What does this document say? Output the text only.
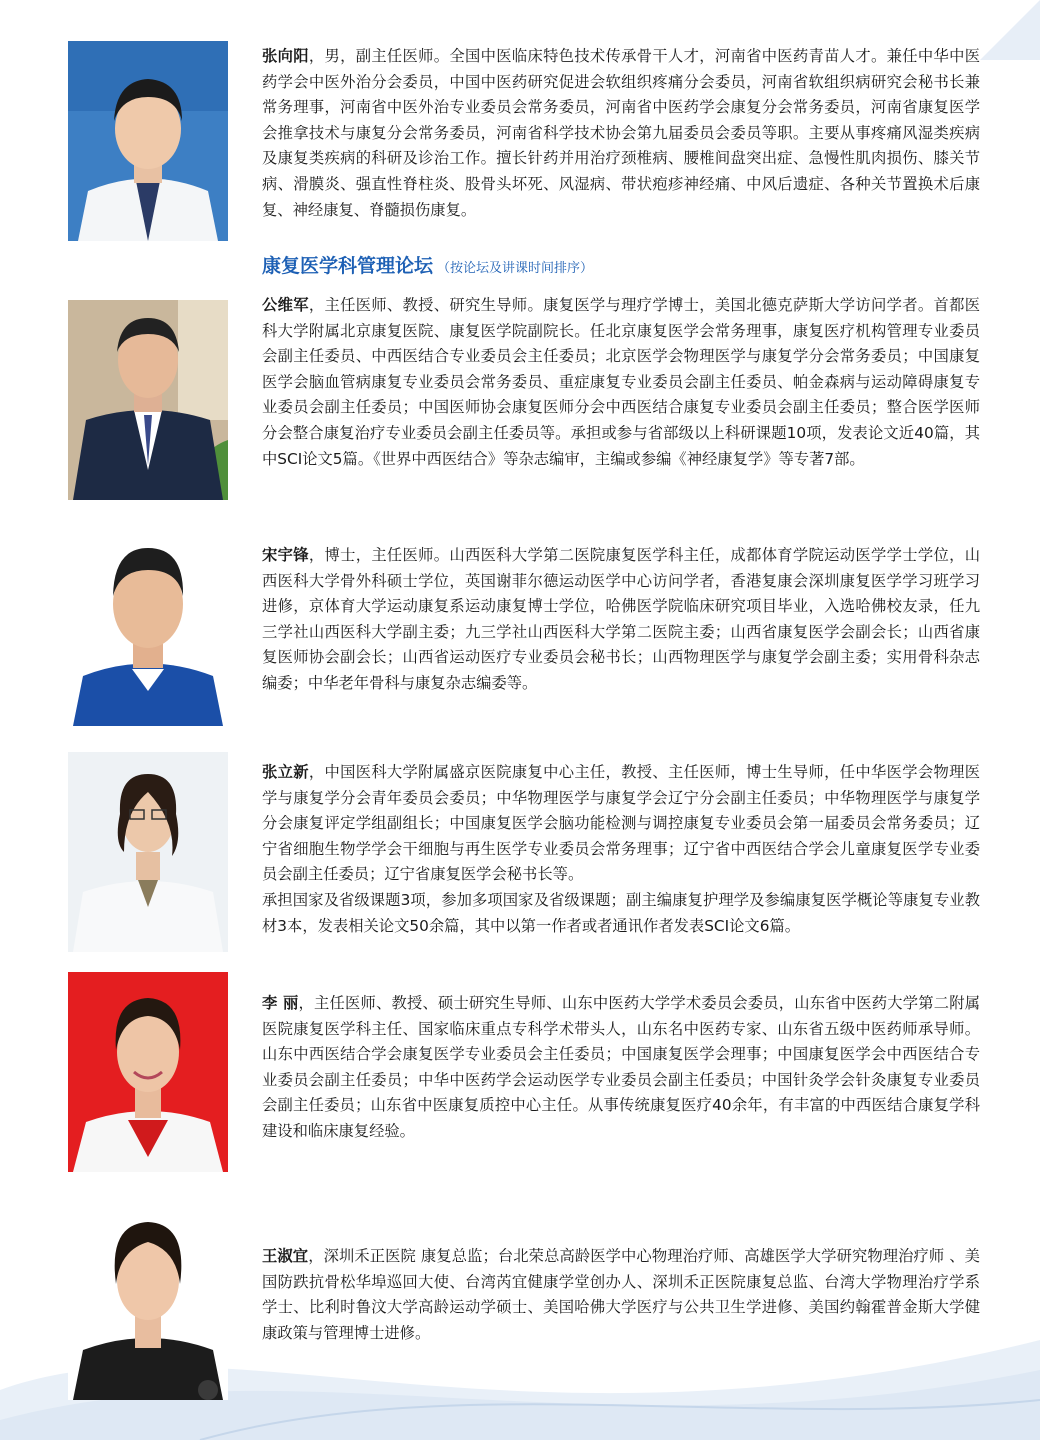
张向阳，男，副主任医师。全国中医临床特色技术传承骨干人才，河南省中医药青苗人才。兼任中华中医药学会中医外治分会委员，中国中医药研究促进会软组织疼痛分会委员，河南省软组织病研究会秘书长兼常务理事，河南省中医外治专业委员会常务委员，河南省中医药学会康复分会常务委员，河南省康复医学会推拿技术与康复分会常务委员，河南省科学技术协会第九届委员会委员等职。主要从事疼痛风湿类疾病及康复类疾病的科研及诊治工作。擅长针药并用治疗颈椎病、腰椎间盘突出症、急慢性肌肉损伤、膝关节病、滑膜炎、强直性脊柱炎、股骨头坏死、风湿病、带状疱疹神经痛、中风后遗症、各种关节置换术后康复、神经康复、脊髓损伤康复。

康复医学科管理论坛 （按论坛及讲课时间排序）

公维军，主任医师、教授、研究生导师。康复医学与理疗学博士，美国北德克萨斯大学访问学者。首都医科大学附属北京康复医院、康复医学院副院长。任北京康复医学会常务理事，康复医疗机构管理专业委员会副主任委员、中西医结合专业委员会主任委员；北京医学会物理医学与康复学分会常务委员；中国康复医学会脑血管病康复专业委员会常务委员、重症康复专业委员会副主任委员、帕金森病与运动障碍康复专业委员会副主任委员；中国医师协会康复医师分会中西医结合康复专业委员会副主任委员；整合医学医师分会整合康复治疗专业委员会副主任委员等。承担或参与省部级以上科研课题10项，发表论文近40篇，其中SCI论文5篇。《世界中西医结合》等杂志编审，主编或参编《神经康复学》等专著7部。

宋宇锋，博士，主任医师。山西医科大学第二医院康复医学科主任，成都体育学院运动医学学士学位，山西医科大学骨外科硕士学位，英国谢菲尔德运动医学中心访问学者，香港复康会深圳康复医学学习班学习进修，京体育大学运动康复系运动康复博士学位，哈佛医学院临床研究项目毕业，入选哈佛校友录，任九三学社山西医科大学副主委；九三学社山西医科大学第二医院主委；山西省康复医学会副会长；山西省康复医师协会副会长；山西省运动医疗专业委员会秘书长；山西物理医学与康复学会副主委；实用骨科杂志编委；中华老年骨科与康复杂志编委等。

张立新，中国医科大学附属盛京医院康复中心主任，教授、主任医师，博士生导师，任中华医学会物理医学与康复学分会青年委员会委员；中华物理医学与康复学会辽宁分会副主任委员；中华物理医学与康复学分会康复评定学组副组长；中国康复医学会脑功能检测与调控康复专业委员会第一届委员会常务委员；辽宁省细胞生物学学会干细胞与再生医学专业委员会常务理事；辽宁省中西医结合学会儿童康复医学专业委员会副主任委员；辽宁省康复医学会秘书长等。

承担国家及省级课题3项，参加多项国家及省级课题；副主编康复护理学及参编康复医学概论等康复专业教材3本，发表相关论文50余篇，其中以第一作者或者通讯作者发表SCI论文6篇。

李 丽，主任医师、教授、硕士研究生导师、山东中医药大学学术委员会委员，山东省中医药大学第二附属医院康复医学科主任、国家临床重点专科学术带头人，山东名中医药专家、山东省五级中医药师承导师。山东中西医结合学会康复医学专业委员会主任委员；中国康复医学会理事；中国康复医学会中西医结合专业委员会副主任委员；中华中医药学会运动医学专业委员会副主任委员；中国针灸学会针灸康复专业委员会副主任委员；山东省中医康复质控中心主任。从事传统康复医疗40余年，有丰富的中西医结合康复学科建设和临床康复经验。

王淑宜，深圳禾正医院 康复总监；台北荣总高龄医学中心物理治疗师、高雄医学大学研究物理治疗师 、美国防跌抗骨松华埠巡回大使、台湾芮宜健康学堂创办人、深圳禾正医院康复总监、台湾大学物理治疗学系学士、比利时鲁汶大学高龄运动学硕士、美国哈佛大学医疗与公共卫生学进修、美国约翰霍普金斯大学健康政策与管理博士进修。
